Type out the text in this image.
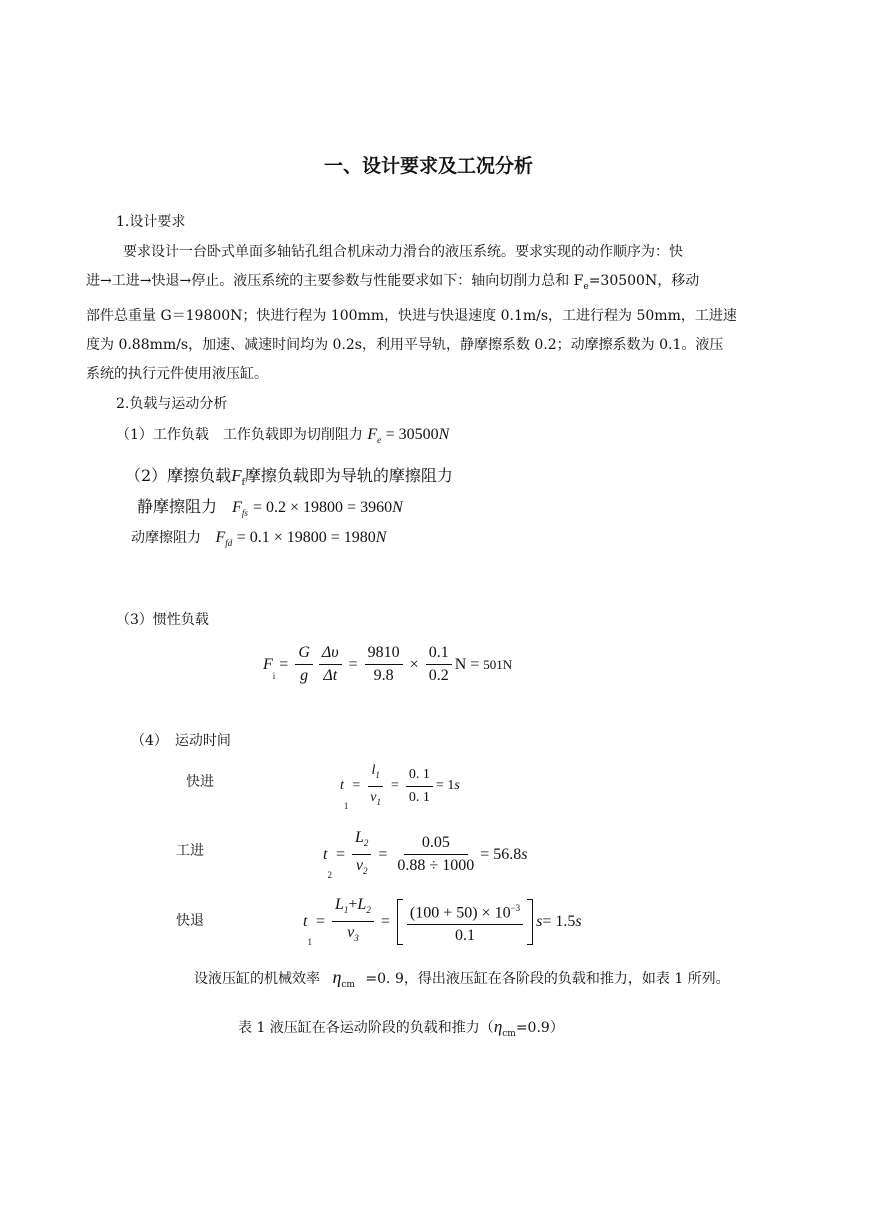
一、设计要求及工况分析
1.设计要求
要求设计一台卧式单面多轴钻孔组合机床动力滑台的液压系统。要求实现的动作顺序为：快
进→工进→快退→停止。液压系统的主要参数与性能要求如下：轴向切削力总和 $F_e=30500N$，移动
部件总重量 G＝19800N；快进行程为 100mm，快进与快退速度 0.1m/s，工进行程为 50mm，工进速
度为 0.88mm/s，加速、减速时间均为 0.2s，利用平导轨，静摩擦系数 0.2；动摩擦系数为 0.1。液压
系统的执行元件使用液压缸。
2.负载与运动分析
（1）工作负载　工作负载即为切削阻力 $F_e = 30500N$
（2）摩擦负载$F_f$摩擦负载即为导轨的摩擦阻力
静摩擦阻力 $F_{fs} = 0.2 \times 19800 = 3960N$
动摩擦阻力 $F_{fd} = 0.1 \times 19800 = 1980N$
（3）惯性负载
F
$_i$
= $\frac{G}{g} \frac{\Delta\upsilon}{\Delta t} = \frac{9810}{9.8} \times \frac{0.1}{0.2}$ N = 501N
（4）　运动时间
快进	t
1
= $\frac{l_1}{v_1} = \frac{0. 1}{0. 1} = 1$ s
工进	t
2
= $\frac{L_2}{v_2} = \frac{0.05}{0.88 \div 1000} = 56.8$ s
快退	t
1
= $\frac{L_1+L_2}{v_3} = \frac{(100 + 50) \times 10^{-3}}{0.1}$ s = 1.5 s
设液压缸的机械效率 $\eta_{cm} =0$. 9，得出液压缸在各阶段的负载和推力，如表 1 所列。
表 1 液压缸在各运动阶段的负载和推力$(\eta_{cm}=0.9)$
